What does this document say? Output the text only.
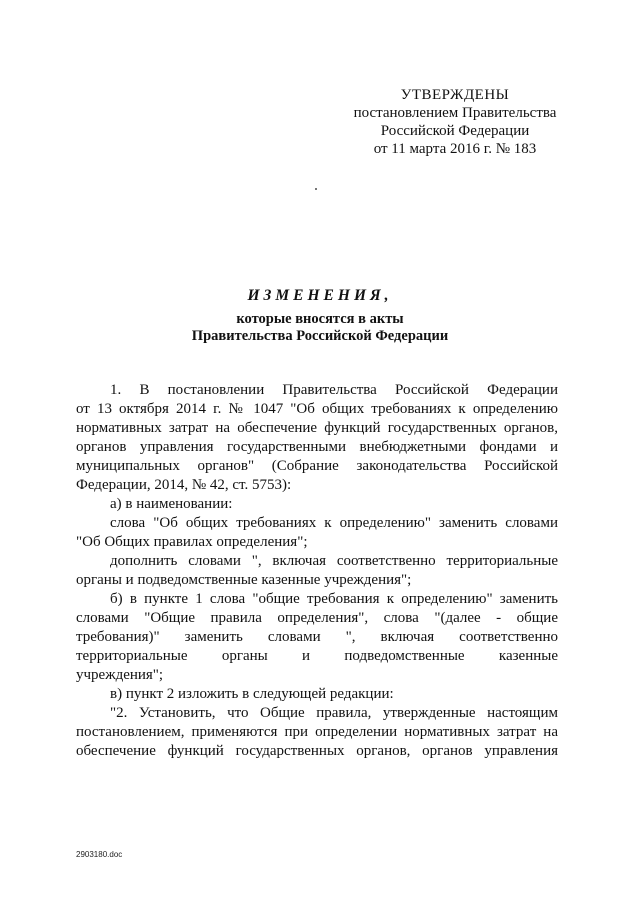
УТВЕРЖДЕНЫ
постановлением Правительства
Российской Федерации
от 11 марта 2016 г. № 183
ИЗМЕНЕНИЯ,
которые вносятся в акты
Правительства Российской Федерации

1. В постановлении Правительства Российской Федерации
от 13 октября 2014 г. № 1047 "Об общих требованиях к определению
нормативных затрат на обеспечение функций государственных органов,
органов управления государственными внебюджетными фондами и
муниципальных органов" (Собрание законодательства Российской
Федерации, 2014, № 42, ст. 5753):

а) в наименовании:

слова "Об общих требованиях к определению" заменить словами
"Об Общих правилах определения";

дополнить словами ", включая соответственно территориальные
органы и подведомственные казенные учреждения";

б) в пункте 1 слова "общие требования к определению" заменить
словами "Общие правила определения", слова "(далее - общие
требования)" заменить словами ", включая соответственно
территориальные органы и подведомственные казенные
учреждения";

в) пункт 2 изложить в следующей редакции:

"2. Установить, что Общие правила, утвержденные настоящим
постановлением, применяются при определении нормативных затрат на
обеспечение функций государственных органов, органов управления

2903180.doc
